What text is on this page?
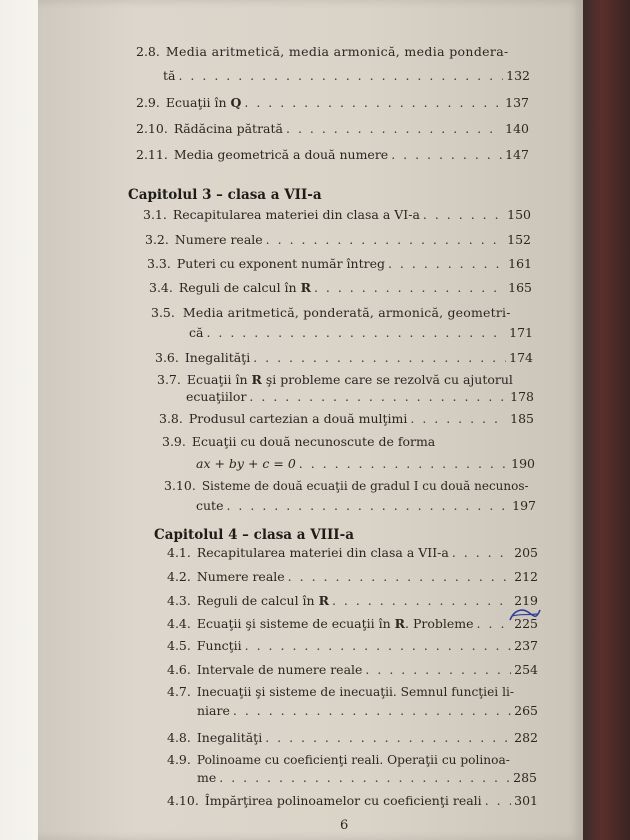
2.8. Media aritmetică, media armonică, media pondera-
tă . . .	132
2.9. Ecuaţii în
Q . . .	137
2.10. Rădăcina pătrată . . .	140
2.11. Media geometrică a două numere . . .	147
Capitolul 3 – clasa a VII-a
3.1. Recapitularea materiei din clasa a VI-a . . .	150
3.2. Numere reale . . .	152
3.3. Puteri cu exponent număr întreg . . .	161
3.4. Reguli de calcul în
R . . .	165
3.5. Media aritmetică, ponderată, armonică, geometri-
că . . .	171
3.6. Inegalităţi . . .	174
3.7. Ecuaţii în
R
şi probleme care se rezolvă cu ajutorul
ecuaţiilor . . .	178
3.8. Produsul cartezian a două mulţimi . . .	185
3.9. Ecuaţii cu două necunoscute de forma
ax + by + c = 0 . . .	190
3.10. Sisteme de două ecuaţii de gradul I cu două necunos-
cute . . .	197
Capitolul 4 – clasa a VIII-a
4.1. Recapitularea materiei din clasa a VII-a . . .	205
4.2. Numere reale . . .	212
4.3. Reguli de calcul în
R . . .	219
4.4. Ecuaţii şi sisteme de ecuaţii în
R . Probleme . . .	225
4.5. Funcţii . . .	237
4.6. Intervale de numere reale . . .	254
4.7. Inecuaţii şi sisteme de inecuaţii. Semnul funcţiei li-
niare . . .	265
4.8. Inegalităţi . . .	282
4.9. Polinoame cu coeficienţi reali. Operaţii cu polinoa-
me . . .	285
4.10. Împărţirea polinoamelor cu coeficienţi reali . . .	301
6
